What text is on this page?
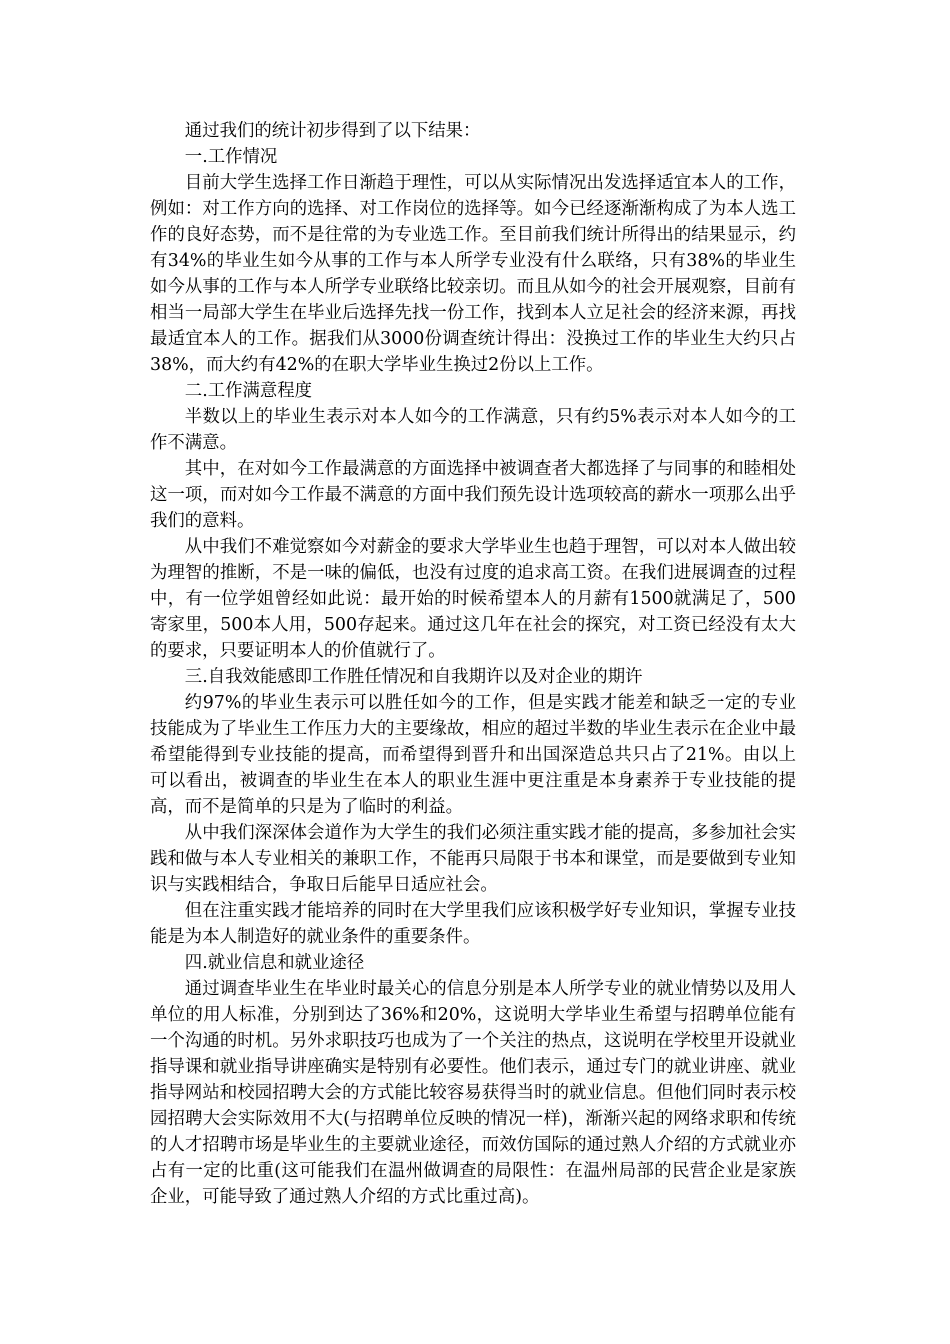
通过我们的统计初步得到了以下结果：

一.工作情况

目前大学生选择工作日渐趋于理性，可以从实际情况出发选择适宜本人的工作，例如：对工作方向的选择、对工作岗位的选择等。如今已经逐渐渐构成了为本人选工作的良好态势，而不是往常的为专业选工作。至目前我们统计所得出的结果显示，约有34%的毕业生如今从事的工作与本人所学专业没有什么联络，只有38%的毕业生如今从事的工作与本人所学专业联络比较亲切。而且从如今的社会开展观察，目前有相当一局部大学生在毕业后选择先找一份工作，找到本人立足社会的经济来源，再找最适宜本人的工作。据我们从3000份调查统计得出：没换过工作的毕业生大约只占38%，而大约有42%的在职大学毕业生换过2份以上工作。

二.工作满意程度

半数以上的毕业生表示对本人如今的工作满意，只有约5%表示对本人如今的工作不满意。

其中，在对如今工作最满意的方面选择中被调查者大都选择了与同事的和睦相处这一项，而对如今工作最不满意的方面中我们预先设计选项较高的薪水一项那么出乎我们的意料。

从中我们不难觉察如今对薪金的要求大学毕业生也趋于理智，可以对本人做出较为理智的推断，不是一味的偏低，也没有过度的追求高工资。在我们进展调查的过程中，有一位学姐曾经如此说：最开始的时候希望本人的月薪有1500就满足了，500寄家里，500本人用，500存起来。通过这几年在社会的探究，对工资已经没有太大的要求，只要证明本人的价值就行了。

三.自我效能感即工作胜任情况和自我期许以及对企业的期许

约97%的毕业生表示可以胜任如今的工作，但是实践才能差和缺乏一定的专业技能成为了毕业生工作压力大的主要缘故，相应的超过半数的毕业生表示在企业中最希望能得到专业技能的提高，而希望得到晋升和出国深造总共只占了21%。由以上可以看出，被调查的毕业生在本人的职业生涯中更注重是本身素养于专业技能的提高，而不是简单的只是为了临时的利益。

从中我们深深体会道作为大学生的我们必须注重实践才能的提高，多参加社会实践和做与本人专业相关的兼职工作，不能再只局限于书本和课堂，而是要做到专业知识与实践相结合，争取日后能早日适应社会。

但在注重实践才能培养的同时在大学里我们应该积极学好专业知识，掌握专业技能是为本人制造好的就业条件的重要条件。

四.就业信息和就业途径

通过调查毕业生在毕业时最关心的信息分别是本人所学专业的就业情势以及用人单位的用人标准，分别到达了36%和20%，这说明大学毕业生希望与招聘单位能有一个沟通的时机。另外求职技巧也成为了一个关注的热点，这说明在学校里开设就业指导课和就业指导讲座确实是特别有必要性。他们表示，通过专门的就业讲座、就业指导网站和校园招聘大会的方式能比较容易获得当时的就业信息。但他们同时表示校园招聘大会实际效用不大(与招聘单位反映的情况一样)，渐渐兴起的网络求职和传统的人才招聘市场是毕业生的主要就业途径，而效仿国际的通过熟人介绍的方式就业亦占有一定的比重(这可能我们在温州做调查的局限性：在温州局部的民营企业是家族企业，可能导致了通过熟人介绍的方式比重过高)。
